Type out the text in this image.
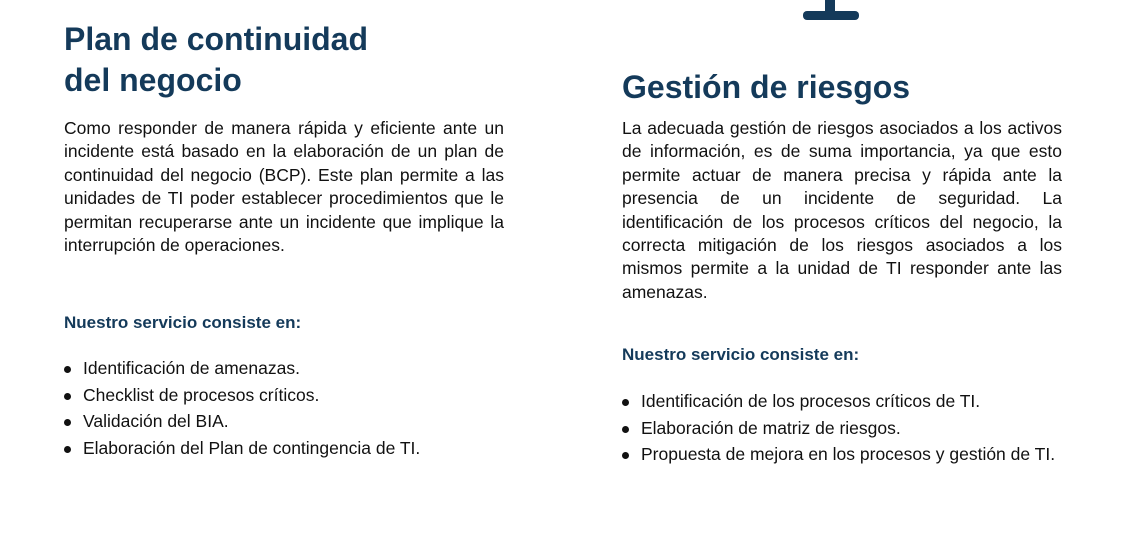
Plan de continuidad
del negocio

Como responder de manera rápida y eficiente ante un incidente está basado en la elaboración de un plan de continuidad del negocio (BCP). Este plan permite a las unidades de TI poder establecer procedimientos que le permitan recuperarse ante un incidente que implique la interrupción de operaciones.

Nuestro servicio consiste en:
Identificación de amenazas.
Checklist de procesos críticos.
Validación del BIA.
Elaboración del Plan de contingencia de TI.
Gestión de riesgos

La adecuada gestión de riesgos asociados a los activos de información, es de suma importancia, ya que esto permite actuar de manera precisa y rápida ante la presencia de un incidente de seguridad. La identificación de los procesos críticos del negocio, la correcta mitigación de los riesgos asociados a los mismos permite a la unidad de TI responder ante las amenazas.

Nuestro servicio consiste en:
Identificación de los procesos críticos de TI.
Elaboración de matriz de riesgos.
Propuesta de mejora en los procesos y gestión de TI.
